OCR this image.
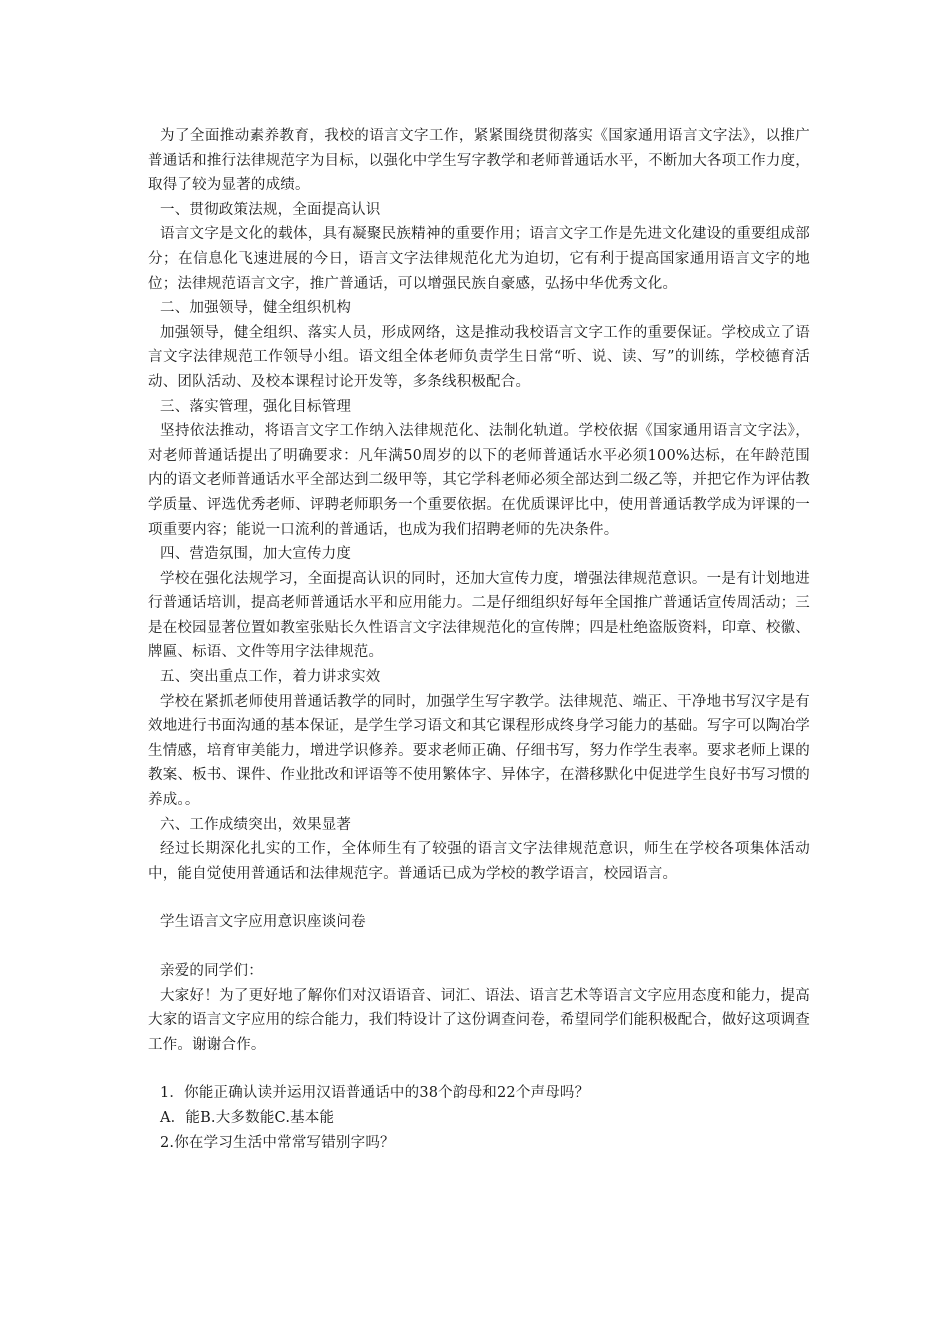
为了全面推动素养教育，我校的语言文字工作，紧紧围绕贯彻落实《国家通用语言文字法》，以推广普通话和推行法律规范字为目标，以强化中学生写字教学和老师普通话水平，不断加大各项工作力度，取得了较为显著的成绩。

一、贯彻政策法规，全面提高认识

语言文字是文化的载体，具有凝聚民族精神的重要作用；语言文字工作是先进文化建设的重要组成部分；在信息化飞速进展的今日，语言文字法律规范化尤为迫切，它有利于提高国家通用语言文字的地位；法律规范语言文字，推广普通话，可以增强民族自豪感，弘扬中华优秀文化。

二、加强领导，健全组织机构

加强领导，健全组织、落实人员，形成网络，这是推动我校语言文字工作的重要保证。学校成立了语言文字法律规范工作领导小组。语文组全体老师负责学生日常“听、说、读、写”的训练，学校德育活动、团队活动、及校本课程讨论开发等，多条线积极配合。

三、落实管理，强化目标管理

坚持依法推动，将语言文字工作纳入法律规范化、法制化轨道。学校依据《国家通用语言文字法》，对老师普通话提出了明确要求：凡年满50周岁的以下的老师普通话水平必须100%达标，在年龄范围内的语文老师普通话水平全部达到二级甲等，其它学科老师必须全部达到二级乙等，并把它作为评估教学质量、评选优秀老师、评聘老师职务一个重要依据。在优质课评比中，使用普通话教学成为评课的一项重要内容；能说一口流利的普通话，也成为我们招聘老师的先决条件。

四、营造氛围，加大宣传力度

学校在强化法规学习，全面提高认识的同时，还加大宣传力度，增强法律规范意识。一是有计划地进行普通话培训，提高老师普通话水平和应用能力。二是仔细组织好每年全国推广普通话宣传周活动；三是在校园显著位置如教室张贴长久性语言文字法律规范化的宣传牌；四是杜绝盗版资料，印章、校徽、牌匾、标语、文件等用字法律规范。

五、突出重点工作，着力讲求实效

学校在紧抓老师使用普通话教学的同时，加强学生写字教学。法律规范、端正、干净地书写汉字是有效地进行书面沟通的基本保证，是学生学习语文和其它课程形成终身学习能力的基础。写字可以陶冶学生情感，培育审美能力，增进学识修养。要求老师正确、仔细书写，努力作学生表率。要求老师上课的教案、板书、课件、作业批改和评语等不使用繁体字、异体字，在潜移默化中促进学生良好书写习惯的养成。。

六、工作成绩突出，效果显著

经过长期深化扎实的工作，全体师生有了较强的语言文字法律规范意识，师生在学校各项集体活动中，能自觉使用普通话和法律规范字。普通话已成为学校的教学语言，校园语言。

学生语言文字应用意识座谈问卷

亲爱的同学们：

大家好！为了更好地了解你们对汉语语音、词汇、语法、语言艺术等语言文字应用态度和能力，提高大家的语言文字应用的综合能力，我们特设计了这份调查问卷，希望同学们能积极配合，做好这项调查工作。谢谢合作。

1．你能正确认读并运用汉语普通话中的38个韵母和22个声母吗？

A．能B.大多数能C.基本能

2.你在学习生活中常常写错别字吗？
